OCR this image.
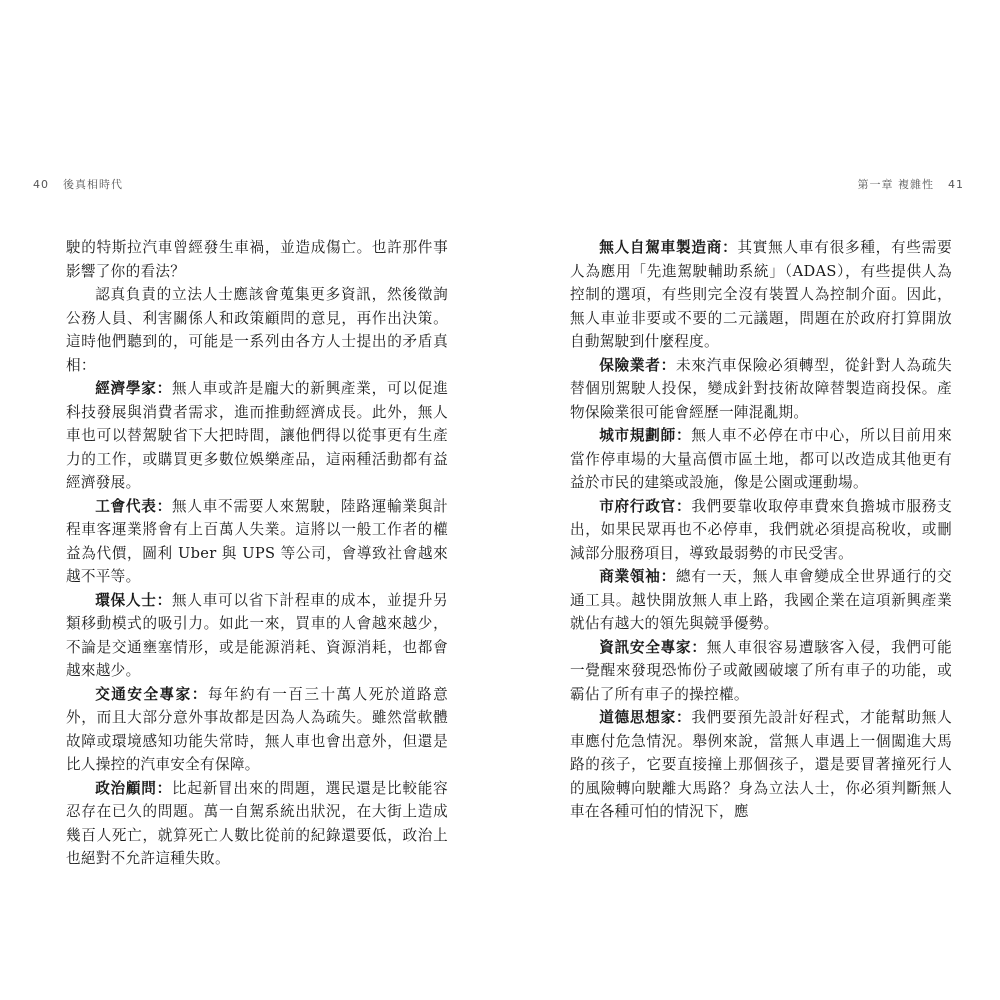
40 後真相時代	第一章 複雜性 41

駛的特斯拉汽車曾經發生車禍，並造成傷亡。也許那件事影響了你的看法？

認真負責的立法人士應該會蒐集更多資訊，然後徵詢公務人員、利害關係人和政策顧問的意見，再作出決策。這時他們聽到的，可能是一系列由各方人士提出的矛盾真相：

經濟學家：無人車或許是龐大的新興產業，可以促進科技發展與消費者需求，進而推動經濟成長。此外，無人車也可以替駕駛省下大把時間，讓他們得以從事更有生產力的工作，或購買更多數位娛樂產品，這兩種活動都有益經濟發展。

工會代表：無人車不需要人來駕駛，陸路運輸業與計程車客運業將會有上百萬人失業。這將以一般工作者的權益為代價，圖利 Uber 與 UPS 等公司，會導致社會越來越不平等。

環保人士：無人車可以省下計程車的成本，並提升另類移動模式的吸引力。如此一來，買車的人會越來越少，不論是交通壅塞情形，或是能源消耗、資源消耗，也都會越來越少。

交通安全專家：每年約有一百三十萬人死於道路意外，而且大部分意外事故都是因為人為疏失。雖然當軟體故障或環境感知功能失常時，無人車也會出意外，但還是比人操控的汽車安全有保障。

政治顧問：比起新冒出來的問題，選民還是比較能容忍存在已久的問題。萬一自駕系統出狀況，在大街上造成幾百人死亡，就算死亡人數比從前的紀錄還要低，政治上也絕對不允許這種失敗。

無人自駕車製造商：其實無人車有很多種，有些需要人為應用「先進駕駛輔助系統」（ADAS），有些提供人為控制的選項，有些則完全沒有裝置人為控制介面。因此，無人車並非要或不要的二元議題，問題在於政府打算開放自動駕駛到什麼程度。

保險業者：未來汽車保險必須轉型，從針對人為疏失替個別駕駛人投保，變成針對技術故障替製造商投保。產物保險業很可能會經歷一陣混亂期。

城市規劃師：無人車不必停在市中心，所以目前用來當作停車場的大量高價市區土地，都可以改造成其他更有益於市民的建築或設施，像是公園或運動場。

市府行政官：我們要靠收取停車費來負擔城市服務支出，如果民眾再也不必停車，我們就必須提高稅收，或刪減部分服務項目，導致最弱勢的市民受害。

商業領袖：總有一天，無人車會變成全世界通行的交通工具。越快開放無人車上路，我國企業在這項新興產業就佔有越大的領先與競爭優勢。

資訊安全專家：無人車很容易遭駭客入侵，我們可能一覺醒來發現恐怖份子或敵國破壞了所有車子的功能，或霸佔了所有車子的操控權。

道德思想家：我們要預先設計好程式，才能幫助無人車應付危急情況。舉例來說，當無人車遇上一個闖進大馬路的孩子，它要直接撞上那個孩子，還是要冒著撞死行人的風險轉向駛離大馬路？身為立法人士，你必須判斷無人車在各種可怕的情況下，應
